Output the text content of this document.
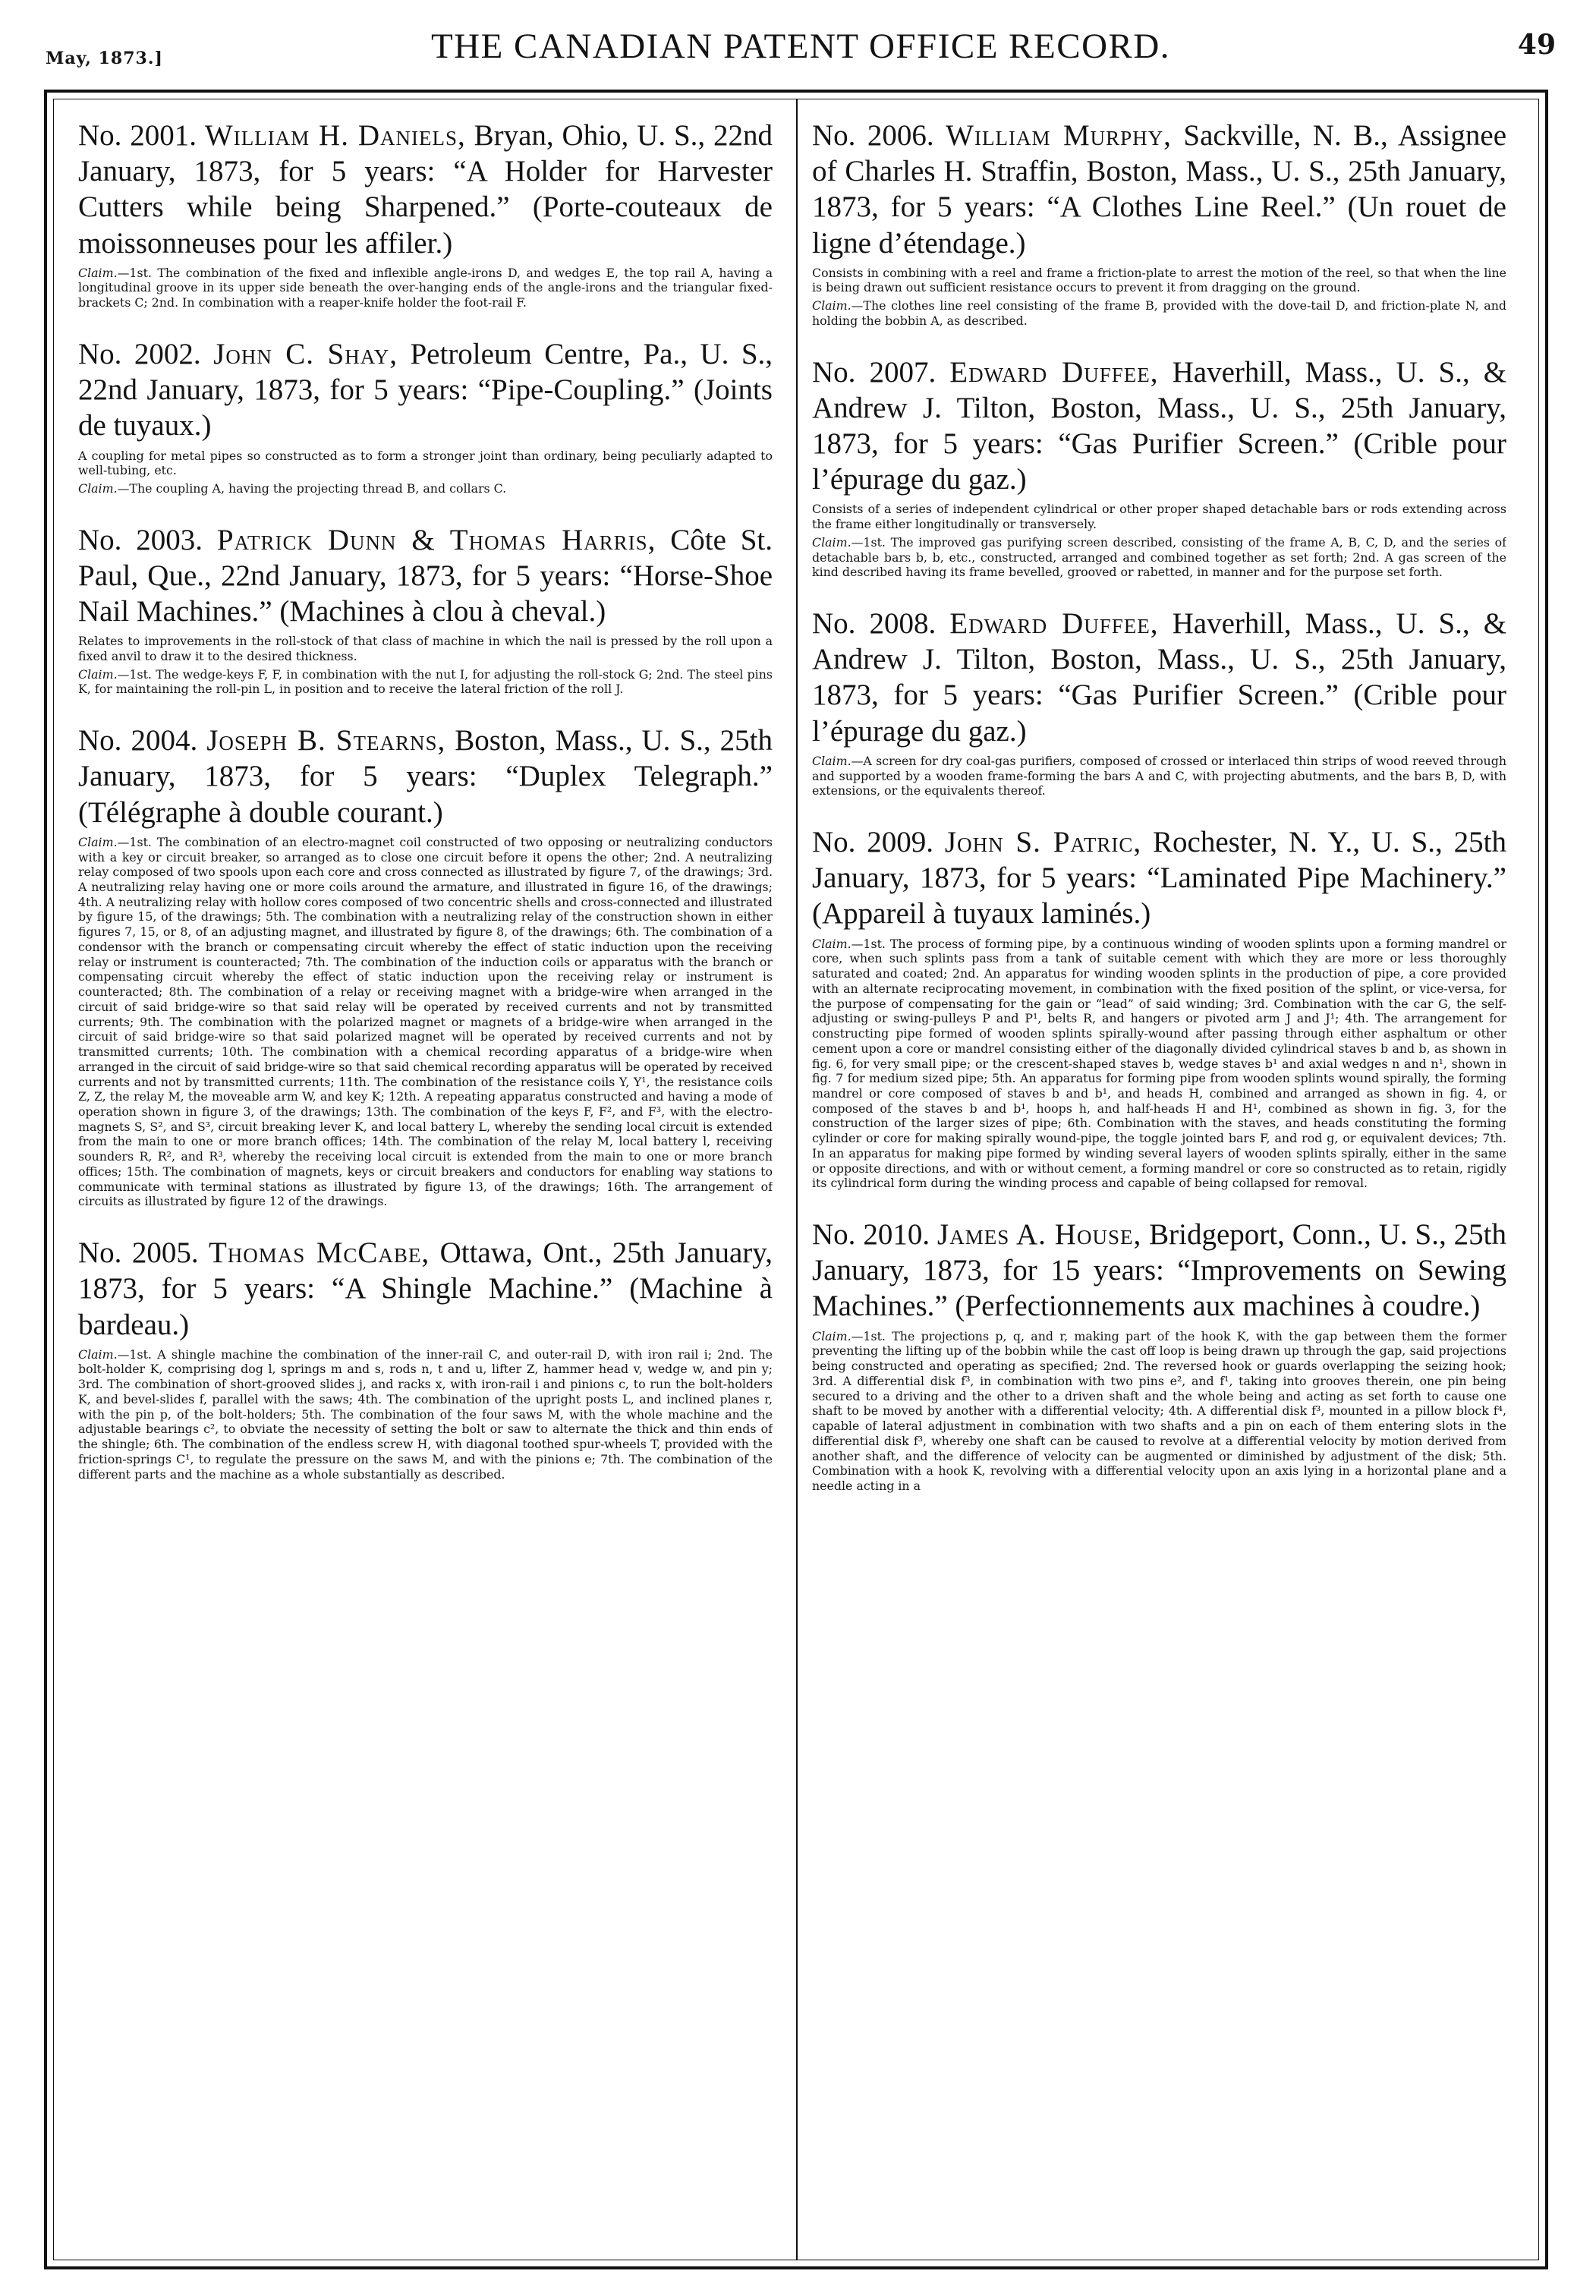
May, 1873.]	THE CANADIAN PATENT OFFICE RECORD.	49

No. 2001. William H. Daniels, Bryan, Ohio, U. S., 22nd January, 1873, for 5 years: “A Holder for Harvester Cutters while being Sharpened.” (Porte-couteaux de moissonneuses pour les affiler.)

Claim.—1st. The combination of the fixed and inflexible angle-irons D, and wedges E, the top rail A, having a longitudinal groove in its upper side beneath the over-hanging ends of the angle-irons and the triangular fixed-brackets C; 2nd. In combination with a reaper-knife holder the foot-rail F.

No. 2002. John C. Shay, Petroleum Centre, Pa., U. S., 22nd January, 1873, for 5 years: “Pipe-Coupling.” (Joints de tuyaux.)

A coupling for metal pipes so constructed as to form a stronger joint than ordinary, being peculiarly adapted to well-tubing, etc.

Claim.—The coupling A, having the projecting thread B, and collars C.

No. 2003. Patrick Dunn & Thomas Harris, Côte St. Paul, Que., 22nd January, 1873, for 5 years: “Horse-Shoe Nail Machines.” (Machines à clou à cheval.)

Relates to improvements in the roll-stock of that class of machine in which the nail is pressed by the roll upon a fixed anvil to draw it to the desired thickness.

Claim.—1st. The wedge-keys F, F, in combination with the nut I, for adjusting the roll-stock G; 2nd. The steel pins K, for maintaining the roll-pin L, in position and to receive the lateral friction of the roll J.

No. 2004. Joseph B. Stearns, Boston, Mass., U. S., 25th January, 1873, for 5 years: “Duplex Telegraph.” (Télégraphe à double courant.)

Claim.—1st. The combination of an electro-magnet coil constructed of two opposing or neutralizing conductors with a key or circuit breaker, so arranged as to close one circuit before it opens the other; 2nd. A neutralizing relay composed of two spools upon each core and cross connected as illustrated by figure 7, of the drawings; 3rd. A neutralizing relay having one or more coils around the armature, and illustrated in figure 16, of the drawings; 4th. A neutralizing relay with hollow cores composed of two concentric shells and cross-connected and illustrated by figure 15, of the drawings; 5th. The combination with a neutralizing relay of the construction shown in either figures 7, 15, or 8, of an adjusting magnet, and illustrated by figure 8, of the drawings; 6th. The combination of a condensor with the branch or compensating circuit whereby the effect of static induction upon the receiving relay or instrument is counteracted; 7th. The combination of the induction coils or apparatus with the branch or compensating circuit whereby the effect of static induction upon the receiving relay or instrument is counteracted; 8th. The combination of a relay or receiving magnet with a bridge-wire when arranged in the circuit of said bridge-wire so that said relay will be operated by received currents and not by transmitted currents; 9th. The combination with the polarized magnet or magnets of a bridge-wire when arranged in the circuit of said bridge-wire so that said polarized magnet will be operated by received currents and not by transmitted currents; 10th. The combination with a chemical recording apparatus of a bridge-wire when arranged in the circuit of said bridge-wire so that said chemical recording apparatus will be operated by received currents and not by transmitted currents; 11th. The combination of the resistance coils Y, Y¹, the resistance coils Z, Z, the relay M, the moveable arm W, and key K; 12th. A repeating apparatus constructed and having a mode of operation shown in figure 3, of the drawings; 13th. The combination of the keys F, F², and F³, with the electro-magnets S, S², and S³, circuit breaking lever K, and local battery L, whereby the sending local circuit is extended from the main to one or more branch offices; 14th. The combination of the relay M, local battery l, receiving sounders R, R², and R³, whereby the receiving local circuit is extended from the main to one or more branch offices; 15th. The combination of magnets, keys or circuit breakers and conductors for enabling way stations to communicate with terminal stations as illustrated by figure 13, of the drawings; 16th. The arrangement of circuits as illustrated by figure 12 of the drawings.

No. 2005. Thomas McCabe, Ottawa, Ont., 25th January, 1873, for 5 years: “A Shingle Machine.” (Machine à bardeau.)

Claim.—1st. A shingle machine the combination of the inner-rail C, and outer-rail D, with iron rail i; 2nd. The bolt-holder K, comprising dog l, springs m and s, rods n, t and u, lifter Z, hammer head v, wedge w, and pin y; 3rd. The combination of short-grooved slides j, and racks x, with iron-rail i and pinions c, to run the bolt-holders K, and bevel-slides f, parallel with the saws; 4th. The combination of the upright posts L, and inclined planes r, with the pin p, of the bolt-holders; 5th. The combination of the four saws M, with the whole machine and the adjustable bearings c², to obviate the necessity of setting the bolt or saw to alternate the thick and thin ends of the shingle; 6th. The combination of the endless screw H, with diagonal toothed spur-wheels T, provided with the friction-springs C¹, to regulate the pressure on the saws M, and with the pinions e; 7th. The combination of the different parts and the machine as a whole substantially as described.

No. 2006. William Murphy, Sackville, N. B., Assignee of Charles H. Straffin, Boston, Mass., U. S., 25th January, 1873, for 5 years: “A Clothes Line Reel.” (Un rouet de ligne d’étendage.)

Consists in combining with a reel and frame a friction-plate to arrest the motion of the reel, so that when the line is being drawn out sufficient resistance occurs to prevent it from dragging on the ground.

Claim.—The clothes line reel consisting of the frame B, provided with the dove-tail D, and friction-plate N, and holding the bobbin A, as described.

No. 2007. Edward Duffee, Haverhill, Mass., U. S., & Andrew J. Tilton, Boston, Mass., U. S., 25th January, 1873, for 5 years: “Gas Purifier Screen.” (Crible pour l’épurage du gaz.)

Consists of a series of independent cylindrical or other proper shaped detachable bars or rods extending across the frame either longitudinally or transversely.

Claim.—1st. The improved gas purifying screen described, consisting of the frame A, B, C, D, and the series of detachable bars b, b, etc., constructed, arranged and combined together as set forth; 2nd. A gas screen of the kind described having its frame bevelled, grooved or rabetted, in manner and for the purpose set forth.

No. 2008. Edward Duffee, Haverhill, Mass., U. S., & Andrew J. Tilton, Boston, Mass., U. S., 25th January, 1873, for 5 years: “Gas Purifier Screen.” (Crible pour l’épurage du gaz.)

Claim.—A screen for dry coal-gas purifiers, composed of crossed or interlaced thin strips of wood reeved through and supported by a wooden frame-forming the bars A and C, with projecting abutments, and the bars B, D, with extensions, or the equivalents thereof.

No. 2009. John S. Patric, Rochester, N. Y., U. S., 25th January, 1873, for 5 years: “Laminated Pipe Machinery.” (Appareil à tuyaux laminés.)

Claim.—1st. The process of forming pipe, by a continuous winding of wooden splints upon a forming mandrel or core, when such splints pass from a tank of suitable cement with which they are more or less thoroughly saturated and coated; 2nd. An apparatus for winding wooden splints in the production of pipe, a core provided with an alternate reciprocating movement, in combination with the fixed position of the splint, or vice-versa, for the purpose of compensating for the gain or “lead” of said winding; 3rd. Combination with the car G, the self-adjusting or swing-pulleys P and P¹, belts R, and hangers or pivoted arm J and J¹; 4th. The arrangement for constructing pipe formed of wooden splints spirally-wound after passing through either asphaltum or other cement upon a core or mandrel consisting either of the diagonally divided cylindrical staves b and b, as shown in fig. 6, for very small pipe; or the crescent-shaped staves b, wedge staves b¹ and axial wedges n and n¹, shown in fig. 7 for medium sized pipe; 5th. An apparatus for forming pipe from wooden splints wound spirally, the forming mandrel or core composed of staves b and b¹, and heads H, combined and arranged as shown in fig. 4, or composed of the staves b and b¹, hoops h, and half-heads H and H¹, combined as shown in fig. 3, for the construction of the larger sizes of pipe; 6th. Combination with the staves, and heads constituting the forming cylinder or core for making spirally wound-pipe, the toggle jointed bars F, and rod g, or equivalent devices; 7th. In an apparatus for making pipe formed by winding several layers of wooden splints spirally, either in the same or opposite directions, and with or without cement, a forming mandrel or core so constructed as to retain, rigidly its cylindrical form during the winding process and capable of being collapsed for removal.

No. 2010. James A. House, Bridgeport, Conn., U. S., 25th January, 1873, for 15 years: “Improvements on Sewing Machines.” (Perfectionnements aux machines à coudre.)

Claim.—1st. The projections p, q, and r, making part of the hook K, with the gap between them the former preventing the lifting up of the bobbin while the cast off loop is being drawn up through the gap, said projections being constructed and operating as specified; 2nd. The reversed hook or guards overlapping the seizing hook; 3rd. A differential disk f³, in combination with two pins e², and f¹, taking into grooves therein, one pin being secured to a driving and the other to a driven shaft and the whole being and acting as set forth to cause one shaft to be moved by another with a differential velocity; 4th. A differential disk f³, mounted in a pillow block f⁴, capable of lateral adjustment in combination with two shafts and a pin on each of them entering slots in the differential disk f³, whereby one shaft can be caused to revolve at a differential velocity by motion derived from another shaft, and the difference of velocity can be augmented or diminished by adjustment of the disk; 5th. Combination with a hook K, revolving with a differential velocity upon an axis lying in a horizontal plane and a needle acting in a
